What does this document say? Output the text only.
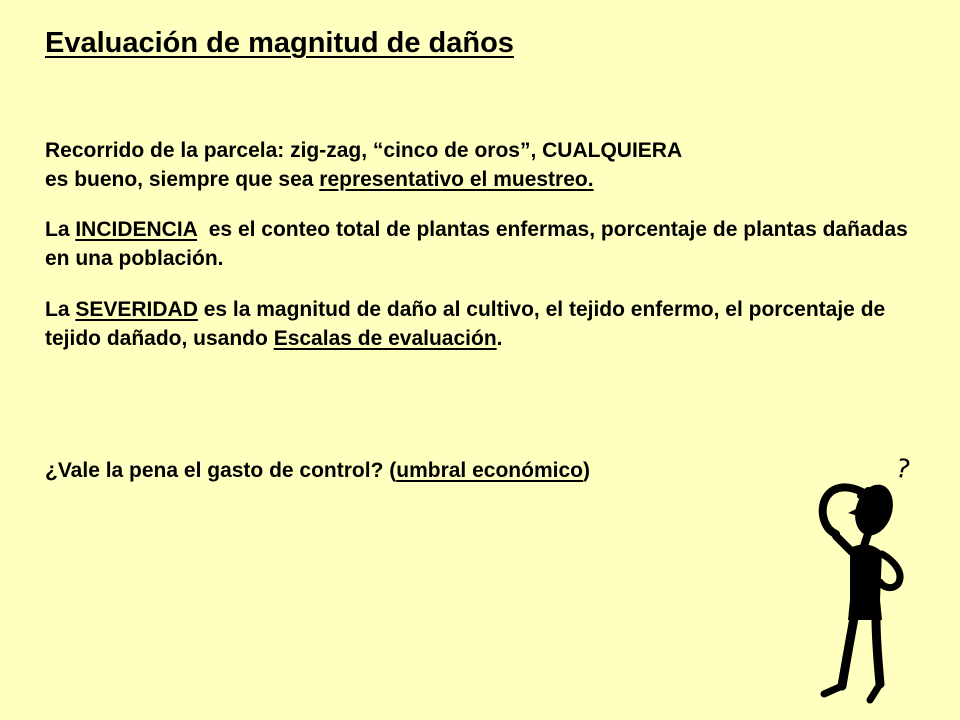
Evaluación de magnitud de daños

Recorrido de la parcela: zig-zag, “cinco de oros”, CUALQUIERA
es bueno, siempre que sea representativo el muestreo.

La INCIDENCIA  es el conteo total de plantas enfermas, porcentaje de plantas dañadas en una población.

La SEVERIDAD es la magnitud de daño al cultivo, el tejido enfermo, el porcentaje de tejido dañado, usando Escalas de evaluación.

¿Vale la pena el gasto de control? (umbral económico)	?
